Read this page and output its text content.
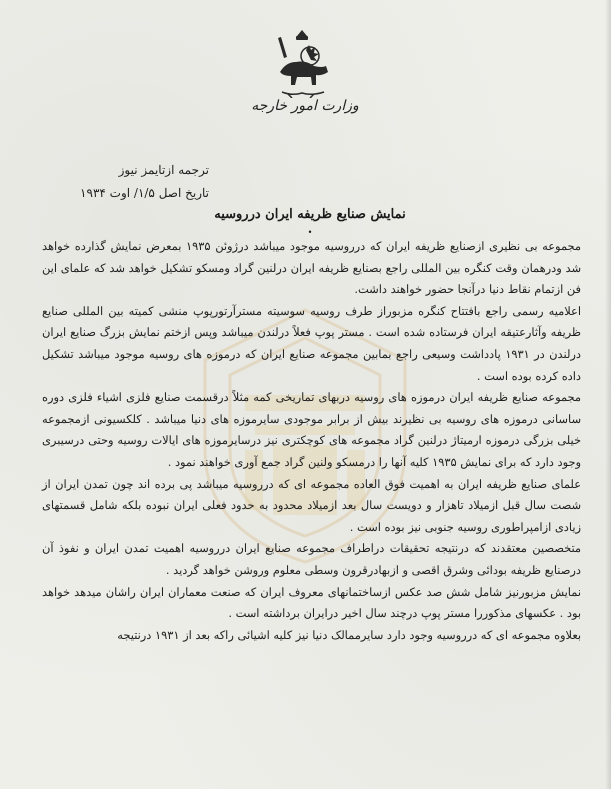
وزارت امور خارجه
ترجمه ازتایمز نیوز
تاریخ اصل ۱/۵/ اوت ۱۹۳۴
نمایش صنایع ظریفه ایران درروسیه .

مجموعه بی نظیری ازصنایع ظریفه ایران که درروسیه موجود میباشد درژوئن ۱۹۳۵ بمعرض نمایش گذارده خواهد شد ودرهمان وقت کنگره بین المللی راجع بصنایع ظریفه ایران درلنین گراد ومسکو تشکیل خواهد شد که علمای این فن ازتمام نقاط دنیا درآنجا حضور خواهند داشت.

اعلامیه رسمی راجع بافتتاح کنگره مزبوراز طرف روسیه سوسیته مسترآرتورپوپ منشی کمیته بین المللی صنایع ظریفه وآثارعتیقه ایران فرستاده شده است . مستر پوپ فعلاً درلندن میباشد وپس ازختم نمایش بزرگ صنایع ایران درلندن در ۱۹۳۱ پادداشت وسیعی راجع بمابین مجموعه صنایع ایران که درموزه های روسیه موجود میباشد تشکیل داده کرده بوده است .

مجموعه صنایع ظریفه ایران درموزه های روسیه دربهای تماریخی کمه مثلاً درقسمت صنایع فلزی اشیاء فلزی دوره ساسانی درموزه های روسیه بی نظیرند بیش از برابر موجودی سایرموزه های دنیا میباشد . کلکسیونی ازمجموعه خیلی بزرگی درموزه ارمیتاژ درلنین گراد مجموعه های کوچکتری نیز درسایرموزه های ایالات روسیه وحتی درسیبری وجود دارد که برای نمایش ۱۹۳۵ کلیه آنها را درمسکو ولنین گراد جمع آوری خواهند نمود .

علمای صنایع ظریفه ایران به اهمیت فوق العاده مجموعه ای که درروسیه میباشد پی برده اند چون تمدن ایران از شصت سال قبل ازمیلاد تاهزار و دویست سال بعد ازمیلاد محدود به حدود فعلی ایران نبوده بلکه شامل قسمتهای زیادی ازامپراطوری روسیه جنوبی نیز بوده است .

متخصصین معتقدند که درنتیجه تحقیقات دراطراف مجموعه صنایع ایران درروسیه اهمیت تمدن ایران و نفوذ آن درصنایع ظریفه بودائی وشرق اقصی و ازبهادرقرون وسطی معلوم وروشن خواهد گردید .

نمایش مزبورنیز شامل شش صد عکس ازساختمانهای معروف ایران که صنعت معماران ایران راشان میدهد خواهد بود . عکسهای مذکوررا مستر پوپ درچند سال اخیر درایران برداشته است .

بعلاوه مجموعه ای که درروسیه وجود دارد سایرممالک دنیا نیز کلیه اشیائی راکه بعد از ۱۹۳۱ درنتیجه
